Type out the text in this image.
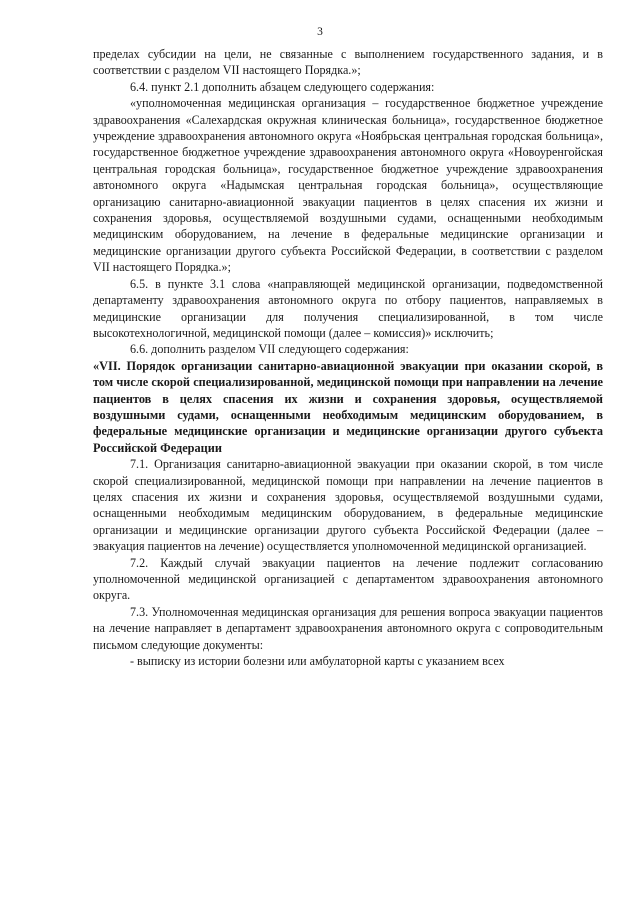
3

пределах субсидии на цели, не связанные с выполнением государственного задания, и в соответствии с разделом VII настоящего Порядка.»;

6.4. пункт 2.1 дополнить абзацем следующего содержания:

«уполномоченная медицинская организация – государственное бюджетное учреждение здравоохранения «Салехардская окружная клиническая больница», государственное бюджетное учреждение здравоохранения автономного округа «Ноябрьская центральная городская больница», государственное бюджетное учреждение здравоохранения автономного округа «Новоуренгойская центральная городская больница», государственное бюджетное учреждение здравоохранения автономного округа «Надымская центральная городская больница», осуществляющие организацию санитарно-авиационной эвакуации пациентов в целях спасения их жизни и сохранения здоровья, осуществляемой воздушными судами, оснащенными необходимым медицинским оборудованием, на лечение в федеральные медицинские организации и медицинские организации другого субъекта Российской Федерации, в соответствии с разделом VII настоящего Порядка.»;

6.5. в пункте 3.1 слова «направляющей медицинской организации, подведомственной департаменту здравоохранения автономного округа по отбору пациентов, направляемых в медицинские организации для получения специализированной, в том числе высокотехнологичной, медицинской помощи (далее – комиссия)» исключить;

6.6. дополнить разделом VII следующего содержания:

«VII. Порядок организации санитарно-авиационной эвакуации при оказании скорой, в том числе скорой специализированной, медицинской помощи при направлении на лечение пациентов в целях спасения их жизни и сохранения здоровья, осуществляемой воздушными судами, оснащенными необходимым медицинским оборудованием, в федеральные медицинские организации и медицинские организации другого субъекта Российской Федерации

7.1. Организация санитарно-авиационной эвакуации при оказании скорой, в том числе скорой специализированной, медицинской помощи при направлении на лечение пациентов в целях спасения их жизни и сохранения здоровья, осуществляемой воздушными судами, оснащенными необходимым медицинским оборудованием, в федеральные медицинские организации и медицинские организации другого субъекта Российской Федерации (далее – эвакуация пациентов на лечение) осуществляется уполномоченной медицинской организацией.

7.2. Каждый случай эвакуации пациентов на лечение подлежит согласованию уполномоченной медицинской организацией с департаментом здравоохранения автономного округа.

7.3. Уполномоченная медицинская организация для решения вопроса эвакуации пациентов на лечение направляет в департамент здравоохранения автономного округа с сопроводительным письмом следующие документы:

- выписку из истории болезни или амбулаторной карты с указанием всех
